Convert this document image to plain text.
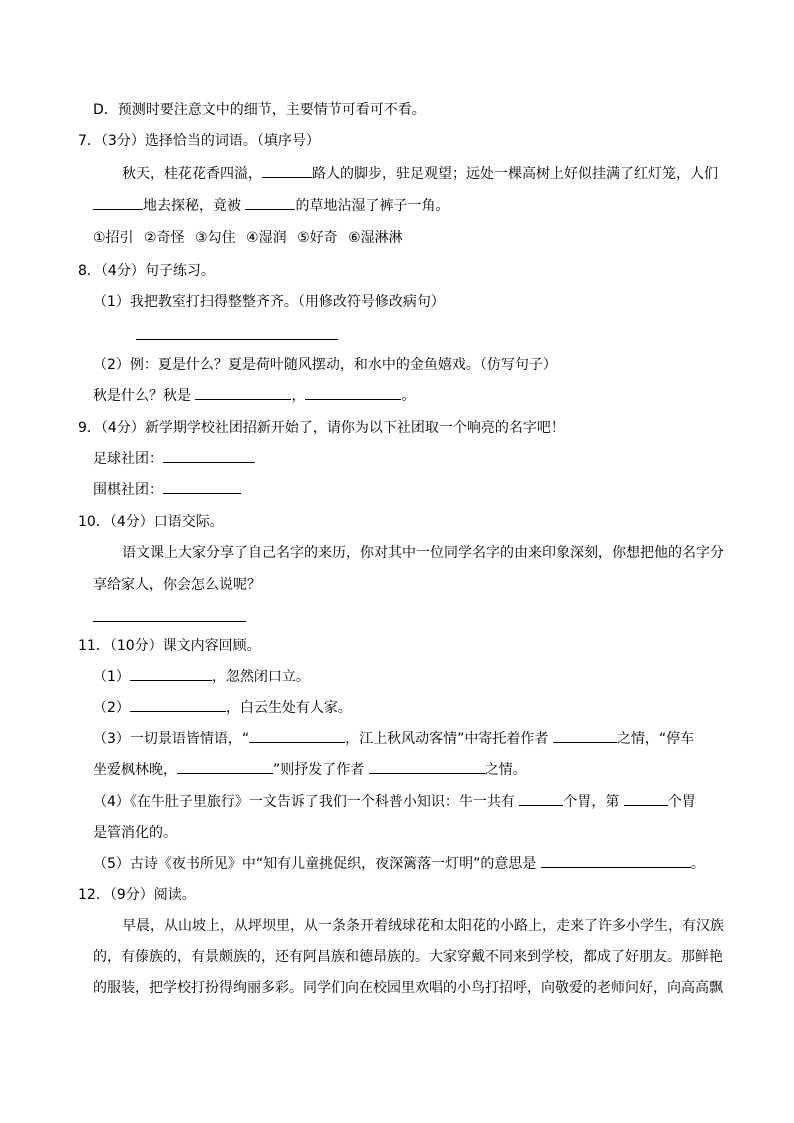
D．预测时要注意文中的细节，主要情节可看可不看。
7．（3分）选择恰当的词语。（填序号）
秋天，桂花花香四溢，	路人的脚步，驻足观望；远处一棵高树上好似挂满了红灯笼，人们
地去探秘，竟被	的草地沾湿了裤子一角。
①招引 ②奇怪 ③勾住 ④湿润 ⑤好奇 ⑥湿淋淋
8．（4分）句子练习。
（1）我把教室打扫得整整齐齐。（用修改符号修改病句）
（2）例：夏是什么？夏是荷叶随风摆动，和水中的金鱼嬉戏。（仿写句子）
秋是什么？秋是	，	。
9．（4分）新学期学校社团招新开始了，请你为以下社团取一个响亮的名字吧！
足球社团：
围棋社团：
10．（4分）口语交际。
语文课上大家分享了自己名字的来历，你对其中一位同学名字的由来印象深刻，你想把他的名字分
享给家人，你会怎么说呢？
11．（10分）课文内容回顾。
（1）	，忽然闭口立。
（2）	，白云生处有人家。
（3）一切景语皆情语，“	，江上秋风动客情”中寄托着作者	之情，“停车
坐爱枫林晚，	”则抒发了作者	之情。
（4）《在牛肚子里旅行》一文告诉了我们一个科普小知识：牛一共有	个胃，第	个胃
是管消化的。
（5）古诗《夜书所见》中“知有儿童挑促织，夜深篱落一灯明”的意思是	。
12．（9分）阅读。
早晨，从山坡上，从坪坝里，从一条条开着绒球花和太阳花的小路上，走来了许多小学生，有汉族
的，有傣族的，有景颇族的，还有阿昌族和德昂族的。大家穿戴不同来到学校，都成了好朋友。那鲜艳
的服装，把学校打扮得绚丽多彩。同学们向在校园里欢唱的小鸟打招呼，向敬爱的老师问好，向高高飘
